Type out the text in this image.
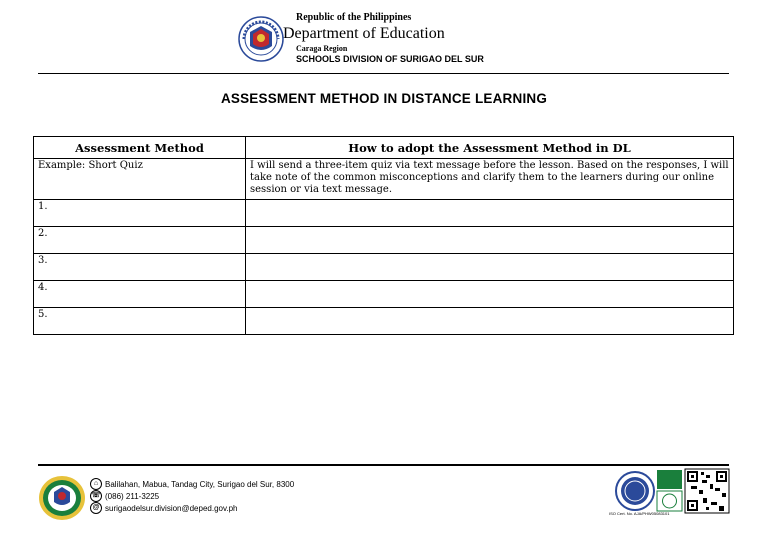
Republic of the Philippines
Department of Education
Caraga Region
SCHOOLS DIVISION OF SURIGAO DEL SUR
ASSESSMENT METHOD IN DISTANCE LEARNING
Assessment Method	How to adopt the Assessment Method in DL
Example: Short Quiz	I will send a three-item quiz via text message before the lesson. Based on the responses, I will take note of the common misconceptions and clarify them to the learners during our online session or via text message.
1.	
2.	
3.	
4.	
5.	
⌂ Balilahan, Mabua, Tandag City, Surigao del Sur, 8300
☏ (086) 211-3225
@ surigaodelsur.division@deped.gov.ph
ISO Cert. No. AJA/PHW05083101
